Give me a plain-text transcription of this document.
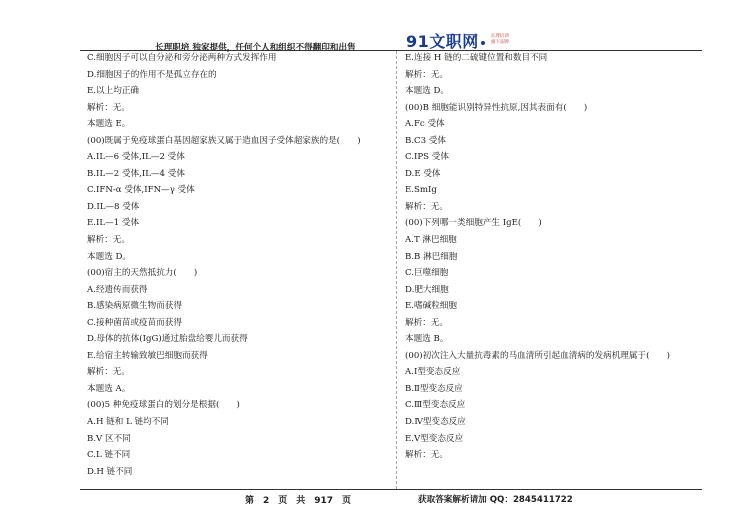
长理职培 独家提供，任何个人和组织不得翻印和出售	91文职网	长理培训
旗下品牌
C.细胞因子可以自分泌和旁分泌两种方式发挥作用
D.细胞因子的作用不是孤立存在的
E.以上均正确
解析：无。
本题选 E。
(00)既属于免疫球蛋白基因超家族又属于造血因子受体超家族的是(　　)
A.IL—6 受体,IL—2 受体
B.IL—2 受体,IL—4 受体
C.IFN-α 受体,IFN—γ 受体
D.IL—8 受体
E.IL—1 受体
解析：无。
本题选 D。
(00)宿主的天然抵抗力(　　)
A.经遗传而获得
B.感染病原微生物而获得
C.接种菌苗或疫苗而获得
D.母体的抗体(IgG)通过胎盘给婴儿而获得
E.给宿主转输致敏巴细胞而获得
解析：无。
本题选 A。
(00)5 种免疫球蛋白的划分是根据(　　)
A.H 链和 L 链均不同
B.V 区不同
C.L 链不同
D.H 链不同
E.连接 H 链的二硫键位置和数目不同
解析：无。
本题选 D。
(00)B 细胞能识别特异性抗原,因其表面有(　　)
A.Fc 受体
B.C3 受体
C.IPS 受体
D.E 受体
E.SmIg
解析：无。
(00)下列哪一类细胞产生 IgE(　　)
A.T 淋巴细胞
B.B 淋巴细胞
C.巨噬细胞
D.肥大细胞
E.嗜碱粒细胞
解析：无。
本题选 B。
(00)初次注入大量抗毒素的马血清所引起血清病的发病机理属于(　　)
A.Ⅰ型变态反应
B.Ⅱ型变态反应
C.Ⅲ型变态反应
D.Ⅳ型变态反应
E.Ⅴ型变态反应
解析：无。
第　2　页　共　917　页	获取答案解析请加 QQ：2845411722
